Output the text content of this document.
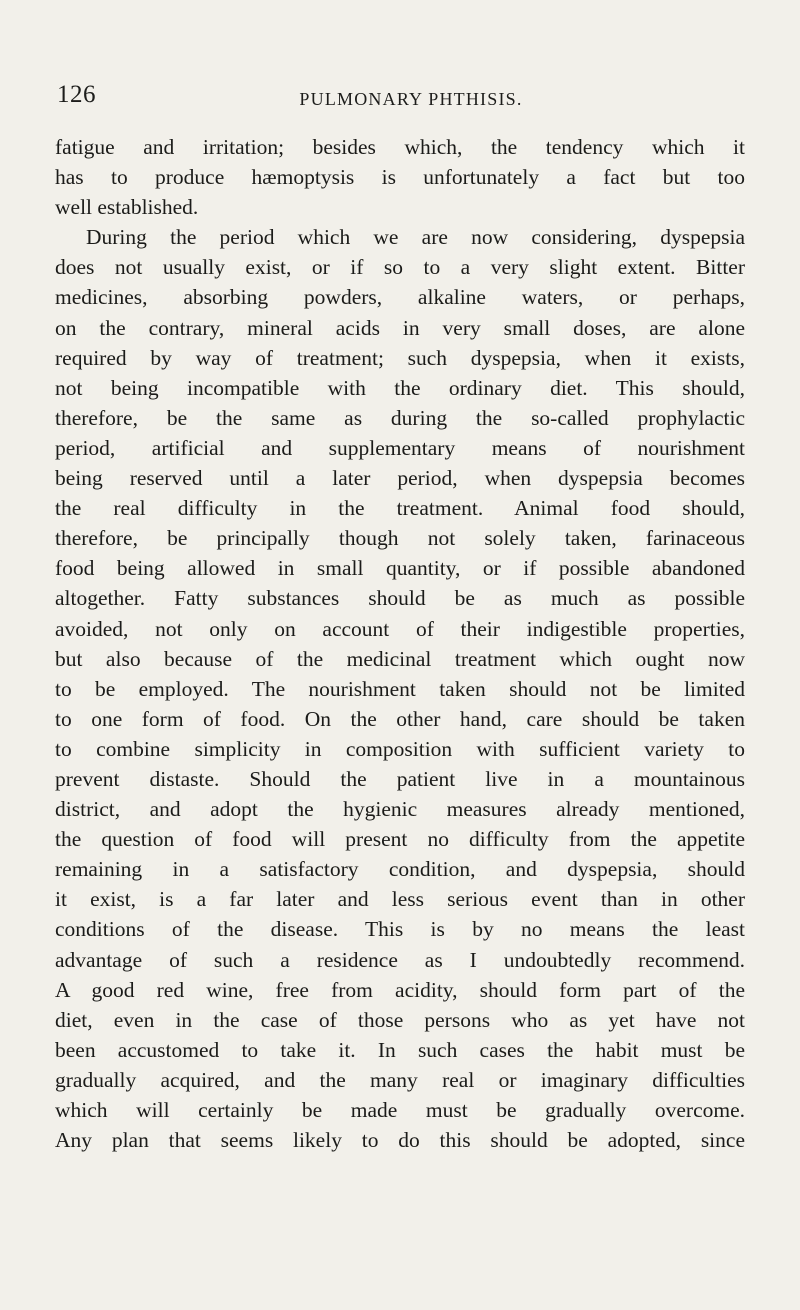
126	PULMONARY PHTHISIS.
fatigue and irritation; besides which, the tendency which it
has to produce hæmoptysis is unfortunately a fact but too
well established.
During the period which we are now considering, dyspepsia
does not usually exist, or if so to a very slight extent. Bitter
medicines, absorbing powders, alkaline waters, or perhaps,
on the contrary, mineral acids in very small doses, are alone
required by way of treatment; such dyspepsia, when it exists,
not being incompatible with the ordinary diet. This should,
therefore, be the same as during the so-called prophylactic
period, artificial and supplementary means of nourishment
being reserved until a later period, when dyspepsia becomes
the real difficulty in the treatment. Animal food should,
therefore, be principally though not solely taken, farinaceous
food being allowed in small quantity, or if possible abandoned
altogether. Fatty substances should be as much as possible
avoided, not only on account of their indigestible properties,
but also because of the medicinal treatment which ought now
to be employed. The nourishment taken should not be limited
to one form of food. On the other hand, care should be taken
to combine simplicity in composition with sufficient variety to
prevent distaste. Should the patient live in a mountainous
district, and adopt the hygienic measures already mentioned,
the question of food will present no difficulty from the appetite
remaining in a satisfactory condition, and dyspepsia, should
it exist, is a far later and less serious event than in other
conditions of the disease. This is by no means the least
advantage of such a residence as I undoubtedly recommend.
A good red wine, free from acidity, should form part of the
diet, even in the case of those persons who as yet have not
been accustomed to take it. In such cases the habit must be
gradually acquired, and the many real or imaginary difficulties
which will certainly be made must be gradually overcome.
Any plan that seems likely to do this should be adopted, since
